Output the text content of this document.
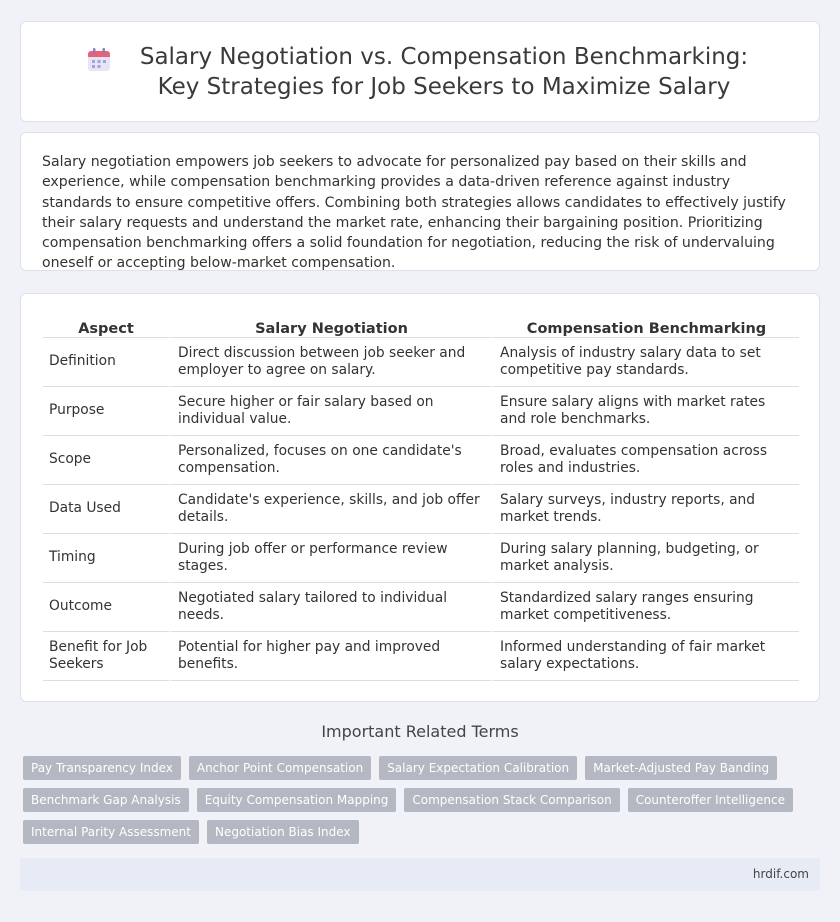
Salary Negotiation vs. Compensation Benchmarking: Key Strategies for Job Seekers to Maximize Salary

Salary negotiation empowers job seekers to advocate for personalized pay based on their skills and experience, while compensation benchmarking provides a data-driven reference against industry standards to ensure competitive offers. Combining both strategies allows candidates to effectively justify their salary requests and understand the market rate, enhancing their bargaining position. Prioritizing compensation benchmarking offers a solid foundation for negotiation, reducing the risk of undervaluing oneself or accepting below-market compensation.

Aspect	Salary Negotiation	Compensation Benchmarking
Definition	Direct discussion between job seeker and employer to agree on salary.	Analysis of industry salary data to set competitive pay standards.
Purpose	Secure higher or fair salary based on individual value.	Ensure salary aligns with market rates and role benchmarks.
Scope	Personalized, focuses on one candidate's compensation.	Broad, evaluates compensation across roles and industries.
Data Used	Candidate's experience, skills, and job offer details.	Salary surveys, industry reports, and market trends.
Timing	During job offer or performance review stages.	During salary planning, budgeting, or market analysis.
Outcome	Negotiated salary tailored to individual needs.	Standardized salary ranges ensuring market competitiveness.
Benefit for Job Seekers	Potential for higher pay and improved benefits.	Informed understanding of fair market salary expectations.
Important Related Terms
Pay Transparency Index	Anchor Point Compensation	Salary Expectation Calibration	Market-Adjusted Pay Banding
Benchmark Gap Analysis	Equity Compensation Mapping	Compensation Stack Comparison	Counteroffer Intelligence
Internal Parity Assessment	Negotiation Bias Index
hrdif.com
